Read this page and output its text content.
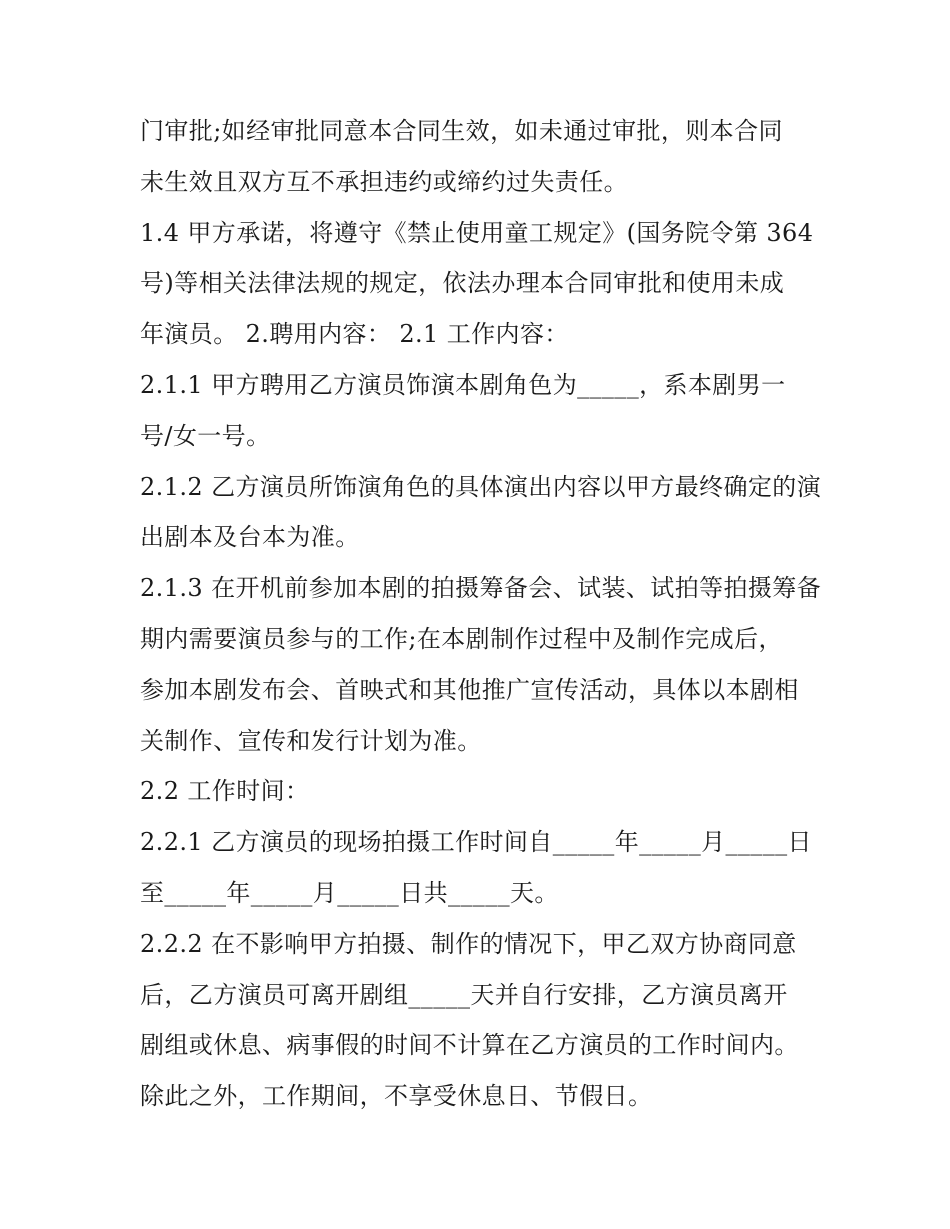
门审批;如经审批同意本合同生效，如未通过审批，则本合同
未生效且双方互不承担违约或缔约过失责任。
1.4 甲方承诺，将遵守《禁止使用童工规定》(国务院令第 364
号)等相关法律法规的规定，依法办理本合同审批和使用未成
年演员。 2.聘用内容： 2.1 工作内容：
2.1.1 甲方聘用乙方演员饰演本剧角色为_____，系本剧男一
号/女一号。
2.1.2 乙方演员所饰演角色的具体演出内容以甲方最终确定的演
出剧本及台本为准。
2.1.3 在开机前参加本剧的拍摄筹备会、试装、试拍等拍摄筹备
期内需要演员参与的工作;在本剧制作过程中及制作完成后，
参加本剧发布会、首映式和其他推广宣传活动，具体以本剧相
关制作、宣传和发行计划为准。
2.2 工作时间：
2.2.1 乙方演员的现场拍摄工作时间自_____年_____月_____日
至_____年_____月_____日共_____天。
2.2.2 在不影响甲方拍摄、制作的情况下，甲乙双方协商同意
后，乙方演员可离开剧组_____天并自行安排，乙方演员离开
剧组或休息、病事假的时间不计算在乙方演员的工作时间内。
除此之外，工作期间，不享受休息日、节假日。
